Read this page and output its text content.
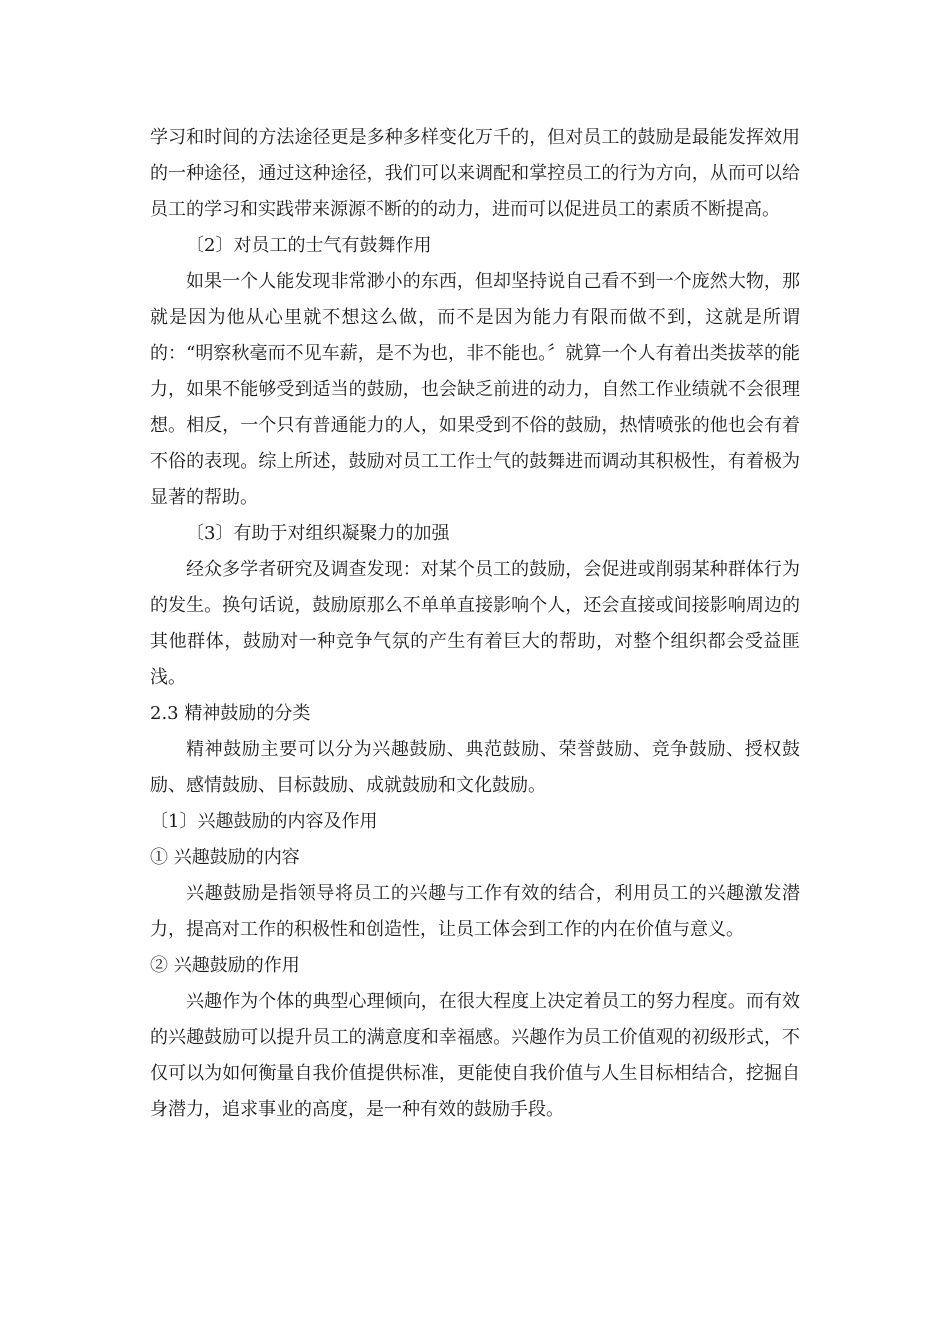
学习和时间的方法途径更是多种多样变化万千的，但对员工的鼓励是最能发挥效用的一种途径，通过这种途径，我们可以来调配和掌控员工的行为方向，从而可以给员工的学习和实践带来源源不断的的动力，进而可以促进员工的素质不断提高。

〔2〕对员工的士气有鼓舞作用

如果一个人能发现非常渺小的东西，但却坚持说自己看不到一个庞然大物，那就是因为他从心里就不想这么做，而不是因为能力有限而做不到，这就是所谓的：“明察秋毫而不见车薪，是不为也，非不能也。〞就算一个人有着出类拔萃的能力，如果不能够受到适当的鼓励，也会缺乏前进的动力，自然工作业绩就不会很理想。相反，一个只有普通能力的人，如果受到不俗的鼓励，热情喷张的他也会有着不俗的表现。综上所述，鼓励对员工工作士气的鼓舞进而调动其积极性，有着极为显著的帮助。

〔3〕有助于对组织凝聚力的加强

经众多学者研究及调查发现：对某个员工的鼓励，会促进或削弱某种群体行为的发生。换句话说，鼓励原那么不单单直接影响个人，还会直接或间接影响周边的其他群体，鼓励对一种竞争气氛的产生有着巨大的帮助，对整个组织都会受益匪浅。

2.3 精神鼓励的分类

精神鼓励主要可以分为兴趣鼓励、典范鼓励、荣誉鼓励、竞争鼓励、授权鼓励、感情鼓励、目标鼓励、成就鼓励和文化鼓励。

〔1〕兴趣鼓励的内容及作用

① 兴趣鼓励的内容

兴趣鼓励是指领导将员工的兴趣与工作有效的结合，利用员工的兴趣激发潜力，提高对工作的积极性和创造性，让员工体会到工作的内在价值与意义。

② 兴趣鼓励的作用

兴趣作为个体的典型心理倾向，在很大程度上决定着员工的努力程度。而有效的兴趣鼓励可以提升员工的满意度和幸福感。兴趣作为员工价值观的初级形式，不仅可以为如何衡量自我价值提供标准，更能使自我价值与人生目标相结合，挖掘自身潜力，追求事业的高度，是一种有效的鼓励手段。
